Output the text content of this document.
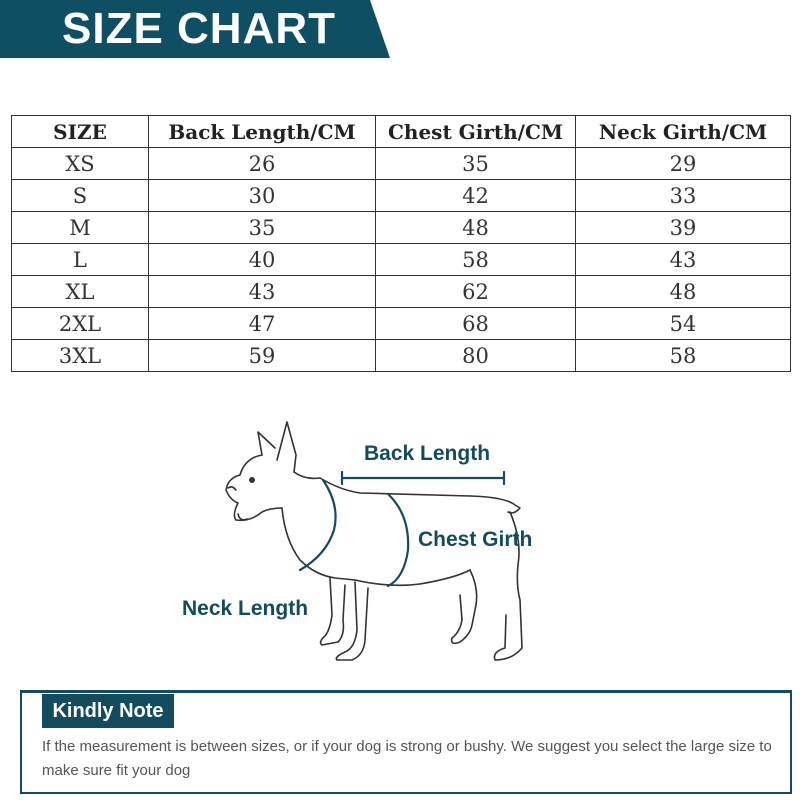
SIZE CHART
SIZE	Back Length/CM	Chest Girth/CM	Neck Girth/CM
XS	26	35	29
S	30	42	33
M	35	48	39
L	40	58	43
XL	43	62	48
2XL	47	68	54
3XL	59	80	58
Back Length
Chest Girth
Neck Length
Kindly Note
If the measurement is between sizes, or if your dog is strong or bushy. We suggest you select the large size to make sure fit your dog
